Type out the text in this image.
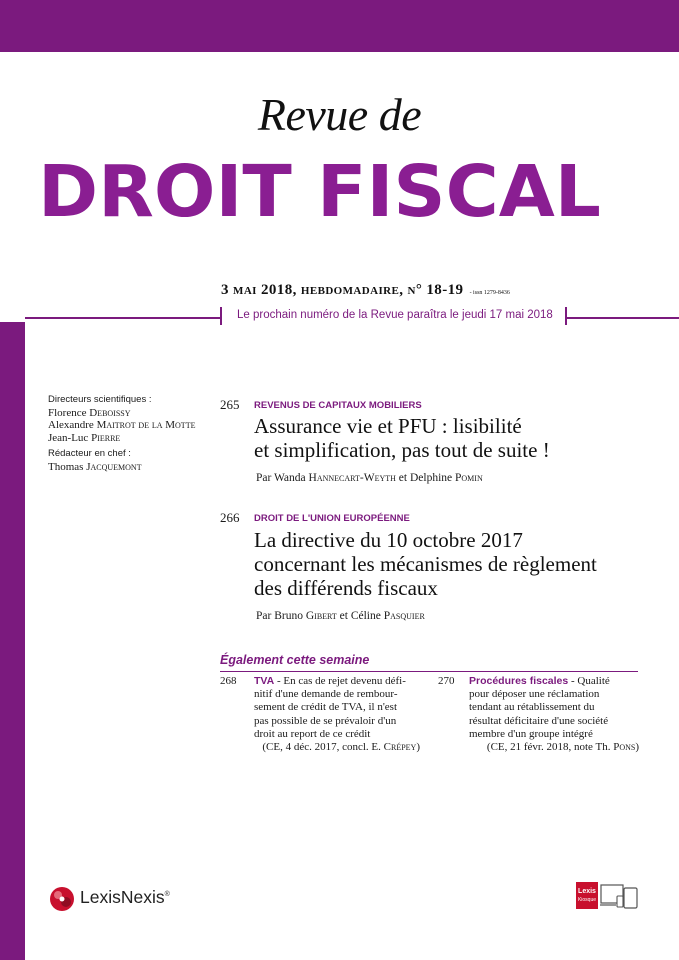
Revue de
DROIT FISCAL
3 mai 2018, hebdomadaire, n° 18-19 - issn 1279-8436
Le prochain numéro de la Revue paraîtra le jeudi 17 mai 2018
Directeurs scientifiques :
Florence Deboissy
Alexandre Maitrot de la Motte
Jean-Luc Pierre
Rédacteur en chef :
Thomas Jacquemont
265 REVENUS DE CAPITAUX MOBILIERS
Assurance vie et PFU : lisibilité
et simplification, pas tout de suite !
Par Wanda Hannecart-Weyth et Delphine Pomin
266 DROIT DE L'UNION EUROPÉENNE
La directive du 10 octobre 2017
concernant les mécanismes de règlement
des différends fiscaux
Par Bruno Gibert et Céline Pasquier
Également cette semaine
268 TVA - En cas de rejet devenu défi-
nitif d'une demande de rembour-
sement de crédit de TVA, il n'est
pas possible de se prévaloir d'un
droit au report de ce crédit
(CE, 4 déc. 2017, concl. E. Crépey)
270 Procédures fiscales - Qualité
pour déposer une réclamation
tendant au rétablissement du
résultat déficitaire d'une société
membre d'un groupe intégré
(CE, 21 févr. 2018, note Th. Pons)
LexisNexis®	Lexis
Kiosque
